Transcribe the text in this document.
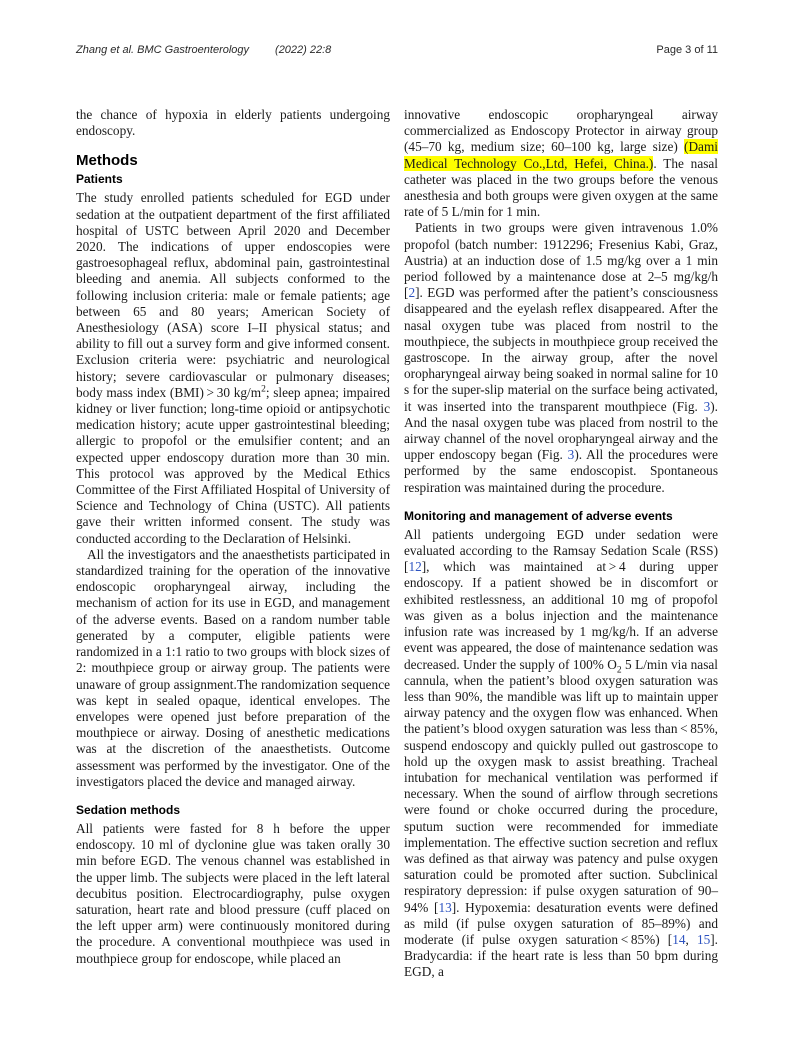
Zhang et al. BMC Gastroenterology (2022) 22:8	Page 3 of 11

the chance of hypoxia in elderly patients undergoing endoscopy.

Methods
Patients

The study enrolled patients scheduled for EGD under sedation at the outpatient department of the first affiliated hospital of USTC between April 2020 and December 2020. The indications of upper endoscopies were gastroesophageal reflux, abdominal pain, gastrointestinal bleeding and anemia. All subjects conformed to the following inclusion criteria: male or female patients; age between 65 and 80 years; American Society of Anesthesiology (ASA) score I–II physical status; and ability to fill out a survey form and give informed consent. Exclusion criteria were: psychiatric and neurological history; severe cardiovascular or pulmonary diseases; body mass index (BMI) > 30 $kg/m^2$; sleep apnea; impaired kidney or liver function; long-time opioid or antipsychotic medication history; acute upper gastrointestinal bleeding; allergic to propofol or the emulsifier content; and an expected upper endoscopy duration more than 30 min. This protocol was approved by the Medical Ethics Committee of the First Affiliated Hospital of University of Science and Technology of China (USTC). All patients gave their written informed consent. The study was conducted according to the Declaration of Helsinki.

All the investigators and the anaesthetists participated in standardized training for the operation of the innovative endoscopic oropharyngeal airway, including the mechanism of action for its use in EGD, and management of the adverse events. Based on a random number table generated by a computer, eligible patients were randomized in a 1:1 ratio to two groups with block sizes of 2: mouthpiece group or airway group. The patients were unaware of group assignment.The randomization sequence was kept in sealed opaque, identical envelopes. The envelopes were opened just before preparation of the mouthpiece or airway. Dosing of anesthetic medications was at the discretion of the anaesthetists. Outcome assessment was performed by the investigator. One of the investigators placed the device and managed airway.

Sedation methods

All patients were fasted for 8 h before the upper endoscopy. 10 ml of dyclonine glue was taken orally 30 min before EGD. The venous channel was established in the upper limb. The subjects were placed in the left lateral decubitus position. Electrocardiography, pulse oxygen saturation, heart rate and blood pressure (cuff placed on the left upper arm) were continuously monitored during the procedure. A conventional mouthpiece was used in mouthpiece group for endoscope, while placed an

innovative endoscopic oropharyngeal airway commercialized as Endoscopy Protector in airway group (45–70 kg, medium size; 60–100 kg, large size) (Dami Medical Technology Co.,Ltd, Hefei, China.). The nasal catheter was placed in the two groups before the venous anesthesia and both groups were given oxygen at the same rate of 5 L/min for 1 min.

Patients in two groups were given intravenous 1.0% propofol (batch number: 1912296; Fresenius Kabi, Graz, Austria) at an induction dose of 1.5 mg/kg over a 1 min period followed by a maintenance dose at 2–5 mg/kg/h [2]. EGD was performed after the patient’s consciousness disappeared and the eyelash reflex disappeared. After the nasal oxygen tube was placed from nostril to the mouthpiece, the subjects in mouthpiece group received the gastroscope. In the airway group, after the novel oropharyngeal airway being soaked in normal saline for 10 s for the super-slip material on the surface being activated, it was inserted into the transparent mouthpiece (Fig. 3). And the nasal oxygen tube was placed from nostril to the airway channel of the novel oropharyngeal airway and the upper endoscopy began (Fig. 3). All the procedures were performed by the same endoscopist. Spontaneous respiration was maintained during the procedure.

Monitoring and management of adverse events

All patients undergoing EGD under sedation were evaluated according to the Ramsay Sedation Scale (RSS) [12], which was maintained at > 4 during upper endoscopy. If a patient showed be in discomfort or exhibited restlessness, an additional 10 mg of propofol was given as a bolus injection and the maintenance infusion rate was increased by 1 mg/kg/h. If an adverse event was appeared, the dose of maintenance sedation was decreased. Under the supply of 100% $O_2$ 5 L/min via nasal cannula, when the patient’s blood oxygen saturation was less than 90%, the mandible was lift up to maintain upper airway patency and the oxygen flow was enhanced. When the patient’s blood oxygen saturation was less than < 85%, suspend endoscopy and quickly pulled out gastroscope to hold up the oxygen mask to assist breathing. Tracheal intubation for mechanical ventilation was performed if necessary. When the sound of airflow through secretions were found or choke occurred during the procedure, sputum suction were recommended for immediate implementation. The effective suction secretion and reflux was defined as that airway was patency and pulse oxygen saturation could be promoted after suction. Subclinical respiratory depression: if pulse oxygen saturation of 90–94% [13]. Hypoxemia: desaturation events were defined as mild (if pulse oxygen saturation of 85–89%) and moderate (if pulse oxygen saturation < 85%) [14, 15]. Bradycardia: if the heart rate is less than 50 bpm during EGD, a
